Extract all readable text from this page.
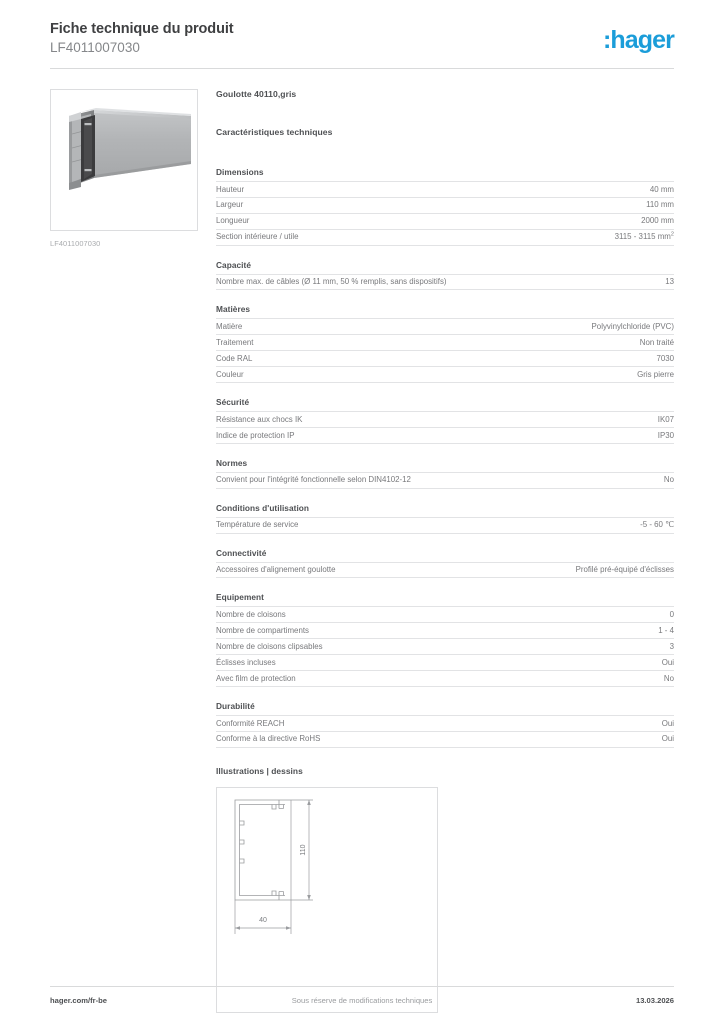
Fiche technique du produit
LF4011007030	:hager
LF4011007030
Goulotte 40110,gris
Caractéristiques techniques
Dimensions
Hauteur	40 mm
Largeur	110 mm
Longueur	2000 mm
Section intérieure / utile	3115 - 3115 $mm^2$
Capacité
Nombre max. de câbles (Ø 11 mm, 50 % remplis, sans dispositifs)	13
Matières
Matière	Polyvinylchloride (PVC)
Traitement	Non traité
Code RAL	7030
Couleur	Gris pierre
Sécurité
Résistance aux chocs IK	IK07
Indice de protection IP	IP30
Normes
Convient pour l'intégrité fonctionnelle selon DIN4102-12	No
Conditions d'utilisation
Température de service	-5 - 60 ℃
Connectivité
Accessoires d'alignement goulotte	Profilé pré-équipé d'éclisses
Equipement
Nombre de cloisons	0
Nombre de compartiments	1 - 4
Nombre de cloisons clipsables	3
Éclisses incluses	Oui
Avec film de protection	No
Durabilité
Conformité REACH	Oui
Conforme à la directive RoHS	Oui
Illustrations | dessins
110
40
Sous réserve de modifications techniques
hager.com/fr-be	13.03.2026
